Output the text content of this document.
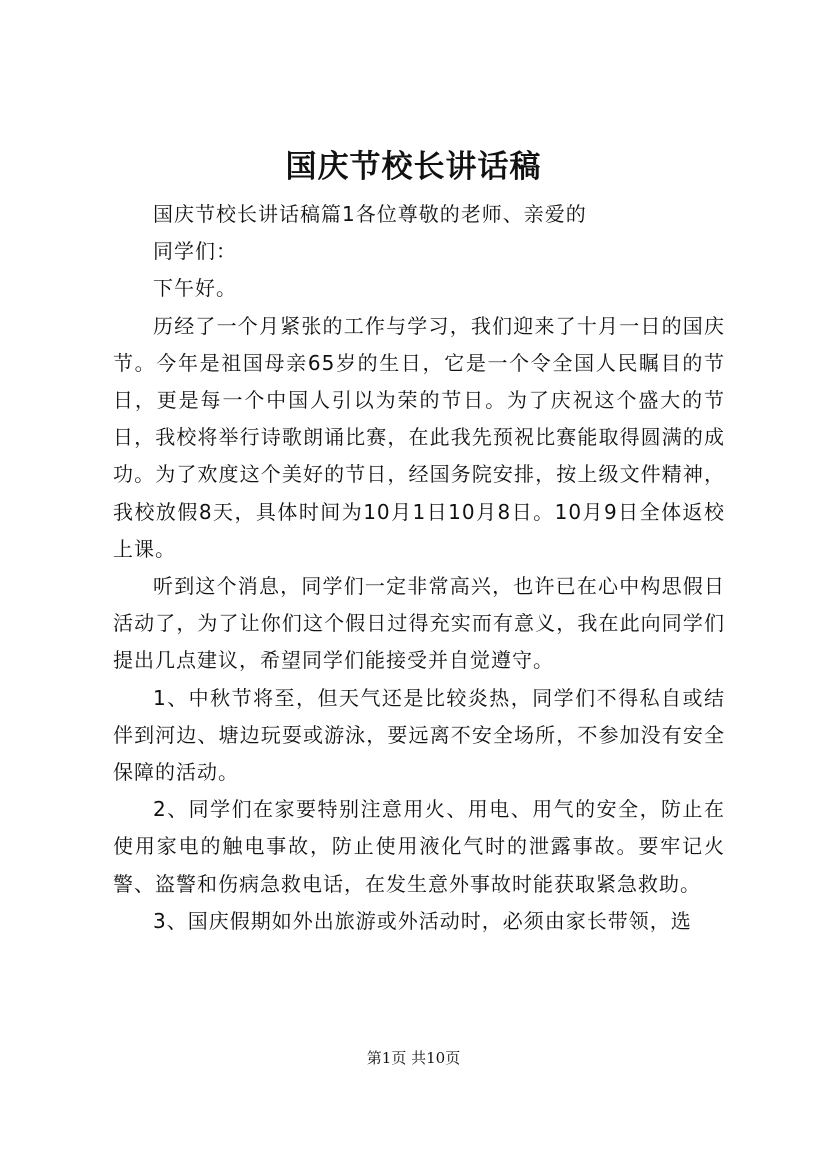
国庆节校长讲话稿

国庆节校长讲话稿篇1各位尊敬的老师、亲爱的

同学们：

下午好。

历经了一个月紧张的工作与学习，我们迎来了十月一日的国庆节。今年是祖国母亲65岁的生日，它是一个令全国人民瞩目的节日，更是每一个中国人引以为荣的节日。为了庆祝这个盛大的节日，我校将举行诗歌朗诵比赛，在此我先预祝比赛能取得圆满的成功。为了欢度这个美好的节日，经国务院安排，按上级文件精神，我校放假8天，具体时间为10月1日10月8日。10月9日全体返校上课。

听到这个消息，同学们一定非常高兴，也许已在心中构思假日活动了，为了让你们这个假日过得充实而有意义，我在此向同学们提出几点建议，希望同学们能接受并自觉遵守。

1、中秋节将至，但天气还是比较炎热，同学们不得私自或结伴到河边、塘边玩耍或游泳，要远离不安全场所，不参加没有安全保障的活动。

2、同学们在家要特别注意用火、用电、用气的安全，防止在使用家电的触电事故，防止使用液化气时的泄露事故。要牢记火警、盗警和伤病急救电话，在发生意外事故时能获取紧急救助。

3、国庆假期如外出旅游或外活动时，必须由家长带领，选

第1页 共10页
